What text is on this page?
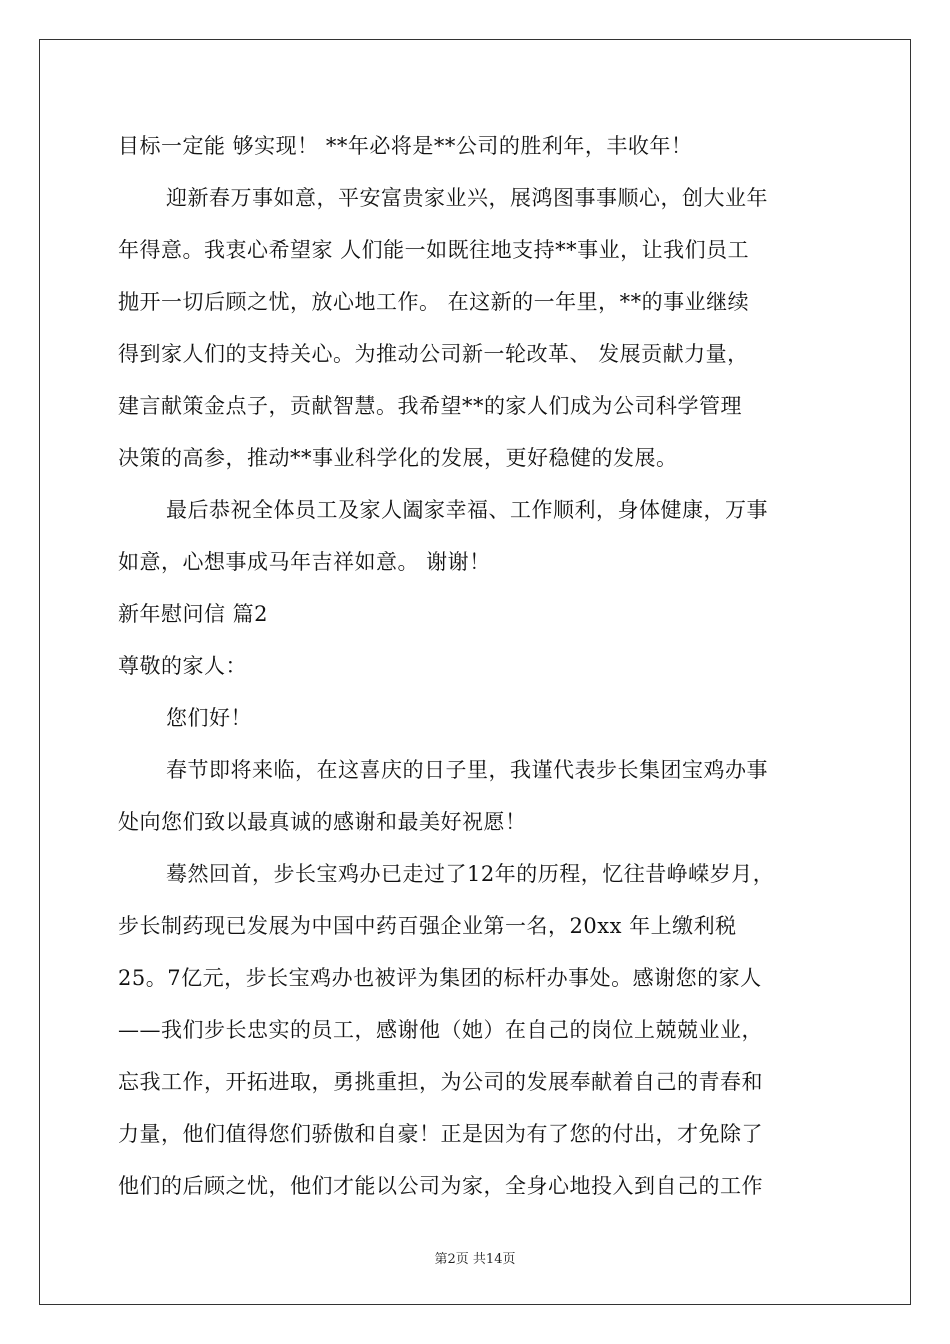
目标一定能 够实现！ **年必将是**公司的胜利年，丰收年！
迎新春万事如意，平安富贵家业兴，展鸿图事事顺心，创大业年
年得意。我衷心希望家 人们能一如既往地支持**事业，让我们员工
抛开一切后顾之忧，放心地工作。 在这新的一年里，**的事业继续
得到家人们的支持关心。为推动公司新一轮改革、 发展贡献力量，
建言献策金点子，贡献智慧。我希望**的家人们成为公司科学管理
决策的高参，推动**事业科学化的发展，更好稳健的发展。
最后恭祝全体员工及家人阖家幸福、工作顺利，身体健康，万事
如意，心想事成马年吉祥如意。 谢谢！
新年慰问信 篇2
尊敬的家人：
您们好！
春节即将来临，在这喜庆的日子里，我谨代表步长集团宝鸡办事
处向您们致以最真诚的感谢和最美好祝愿！
蓦然回首，步长宝鸡办已走过了12年的历程，忆往昔峥嵘岁月，
步长制药现已发展为中国中药百强企业第一名，20xx 年上缴利税
25。7亿元，步长宝鸡办也被评为集团的标杆办事处。感谢您的家人
——我们步长忠实的员工，感谢他（她）在自己的岗位上兢兢业业，
忘我工作，开拓进取，勇挑重担，为公司的发展奉献着自己的青春和
力量，他们值得您们骄傲和自豪！正是因为有了您的付出，才免除了
他们的后顾之忧，他们才能以公司为家，全身心地投入到自己的工作
第2页 共14页
